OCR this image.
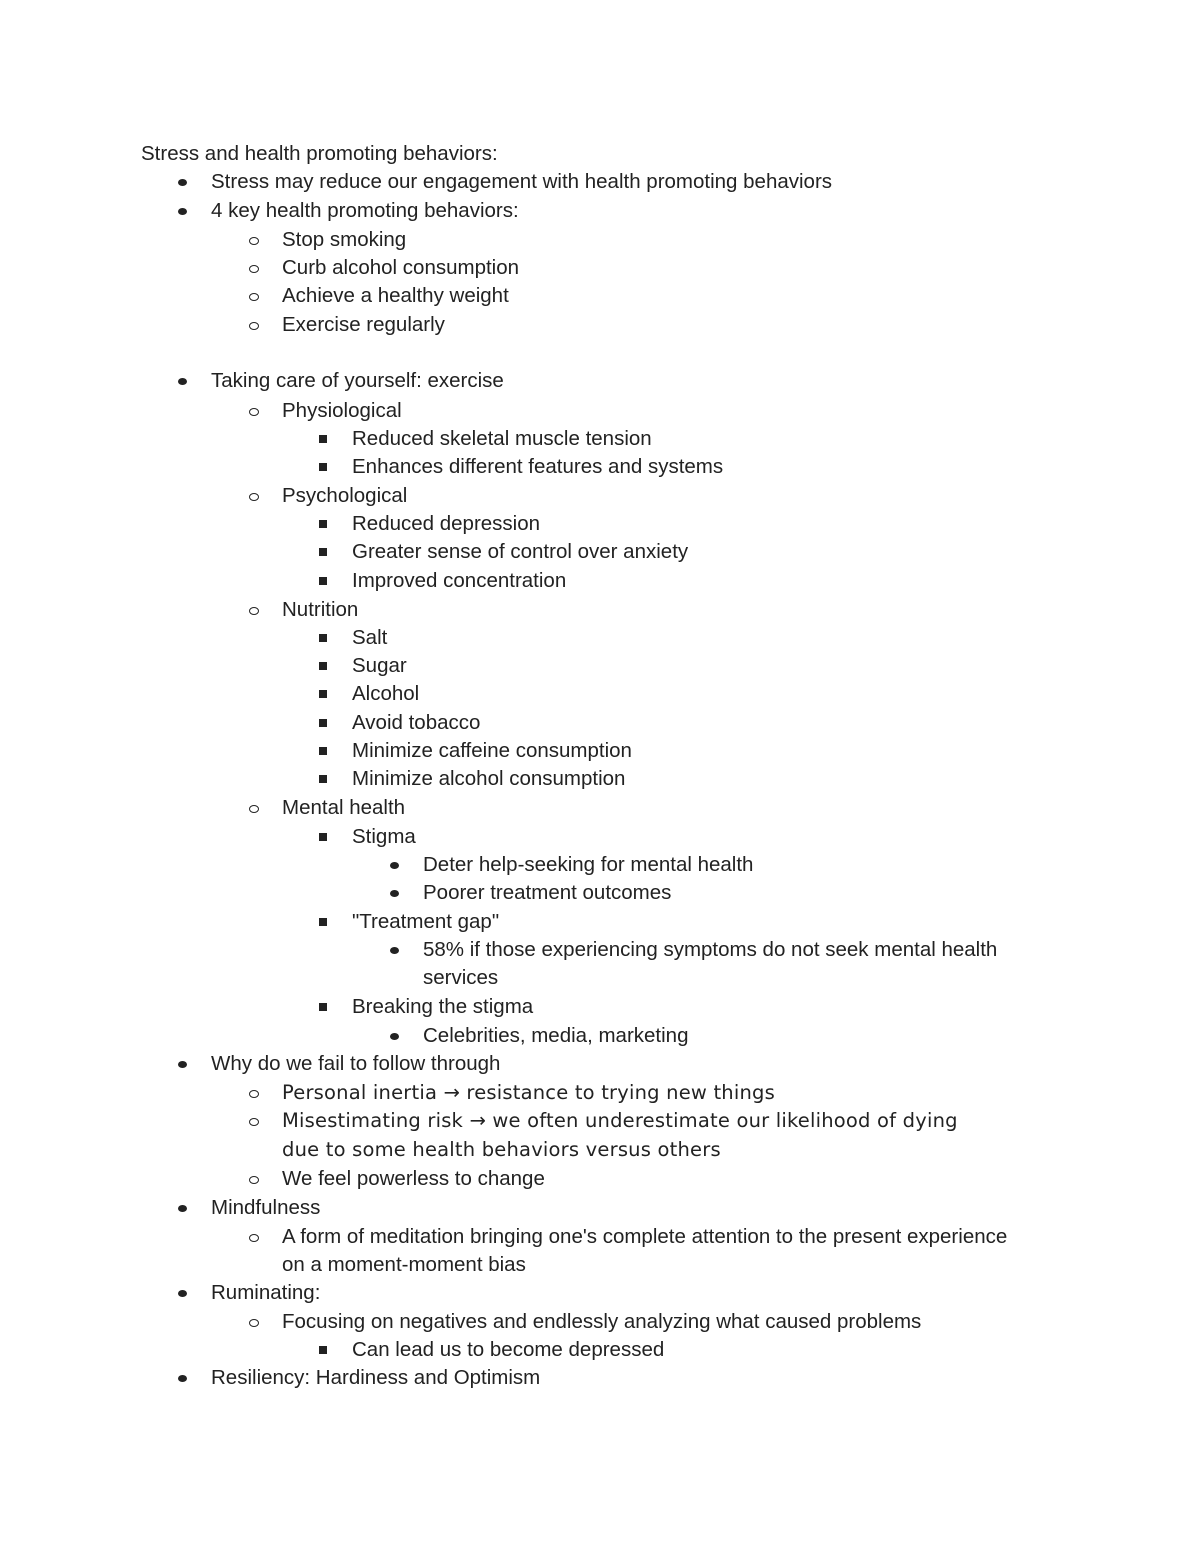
Stress and health promoting behaviors:
Stress may reduce our engagement with health promoting behaviors
4 key health promoting behaviors:
Stop smoking
Curb alcohol consumption
Achieve a healthy weight
Exercise regularly
Taking care of yourself: exercise
Physiological
Reduced skeletal muscle tension
Enhances different features and systems
Psychological
Reduced depression
Greater sense of control over anxiety
Improved concentration
Nutrition
Salt
Sugar
Alcohol
Avoid tobacco
Minimize caffeine consumption
Minimize alcohol consumption
Mental health
Stigma
Deter help-seeking for mental health
Poorer treatment outcomes
"Treatment gap"
58% if those experiencing symptoms do not seek mental health
services
Breaking the stigma
Celebrities, media, marketing
Why do we fail to follow through
Personal inertia → resistance to trying new things
Misestimating risk → we often underestimate our likelihood of dying
due to some health behaviors versus others
We feel powerless to change
Mindfulness
A form of meditation bringing one's complete attention to the present experience
on a moment-moment bias
Ruminating:
Focusing on negatives and endlessly analyzing what caused problems
Can lead us to become depressed
Resiliency: Hardiness and Optimism
